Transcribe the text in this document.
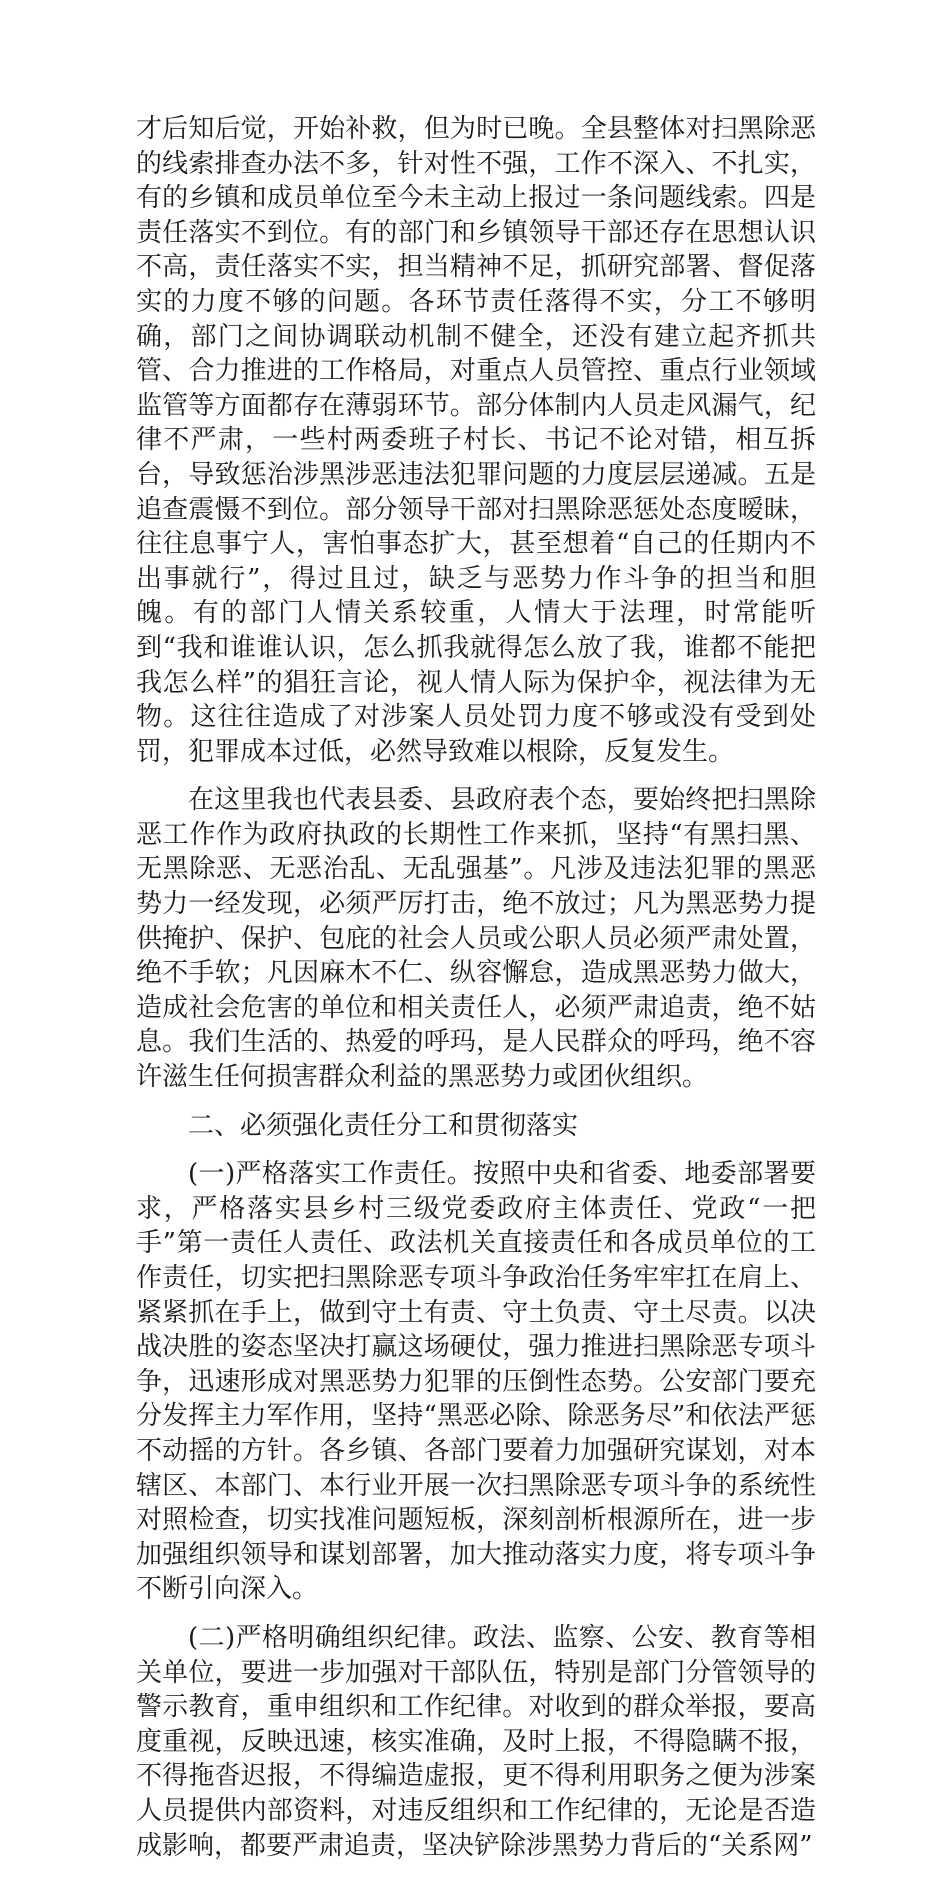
才后知后觉，开始补救，但为时已晚。全县整体对扫黑除恶的线索排查办法不多，针对性不强，工作不深入、不扎实，有的乡镇和成员单位至今未主动上报过一条问题线索。四是责任落实不到位。有的部门和乡镇领导干部还存在思想认识不高，责任落实不实，担当精神不足，抓研究部署、督促落实的力度不够的问题。各环节责任落得不实，分工不够明确，部门之间协调联动机制不健全，还没有建立起齐抓共管、合力推进的工作格局，对重点人员管控、重点行业领域监管等方面都存在薄弱环节。部分体制内人员走风漏气，纪律不严肃，一些村两委班子村长、书记不论对错，相互拆台，导致惩治涉黑涉恶违法犯罪问题的力度层层递减。五是追查震慑不到位。部分领导干部对扫黑除恶惩处态度暧昧，往往息事宁人，害怕事态扩大，甚至想着“自己的任期内不出事就行”，得过且过，缺乏与恶势力作斗争的担当和胆魄。有的部门人情关系较重，人情大于法理，时常能听到“我和谁谁认识，怎么抓我就得怎么放了我，谁都不能把我怎么样”的猖狂言论，视人情人际为保护伞，视法律为无物。这往往造成了对涉案人员处罚力度不够或没有受到处罚，犯罪成本过低，必然导致难以根除，反复发生。

在这里我也代表县委、县政府表个态，要始终把扫黑除恶工作作为政府执政的长期性工作来抓，坚持“有黑扫黑、无黑除恶、无恶治乱、无乱强基”。凡涉及违法犯罪的黑恶势力一经发现，必须严厉打击，绝不放过；凡为黑恶势力提供掩护、保护、包庇的社会人员或公职人员必须严肃处置，绝不手软；凡因麻木不仁、纵容懈怠，造成黑恶势力做大，造成社会危害的单位和相关责任人，必须严肃追责，绝不姑息。我们生活的、热爱的呼玛，是人民群众的呼玛，绝不容许滋生任何损害群众利益的黑恶势力或团伙组织。

二、必须强化责任分工和贯彻落实

(一)严格落实工作责任。按照中央和省委、地委部署要求，严格落实县乡村三级党委政府主体责任、党政“一把手”第一责任人责任、政法机关直接责任和各成员单位的工作责任，切实把扫黑除恶专项斗争政治任务牢牢扛在肩上、紧紧抓在手上，做到守土有责、守土负责、守土尽责。以决战决胜的姿态坚决打赢这场硬仗，强力推进扫黑除恶专项斗争，迅速形成对黑恶势力犯罪的压倒性态势。公安部门要充分发挥主力军作用，坚持“黑恶必除、除恶务尽”和依法严惩不动摇的方针。各乡镇、各部门要着力加强研究谋划，对本辖区、本部门、本行业开展一次扫黑除恶专项斗争的系统性对照检查，切实找准问题短板，深刻剖析根源所在，进一步加强组织领导和谋划部署，加大推动落实力度，将专项斗争不断引向深入。

(二)严格明确组织纪律。政法、监察、公安、教育等相关单位，要进一步加强对干部队伍，特别是部门分管领导的警示教育，重申组织和工作纪律。对收到的群众举报，要高度重视，反映迅速，核实准确，及时上报，不得隐瞒不报，不得拖沓迟报，不得编造虚报，更不得利用职务之便为涉案人员提供内部资料，对违反组织和工作纪律的，无论是否造成影响，都要严肃追责，坚决铲除涉黑势力背后的“关系网”
